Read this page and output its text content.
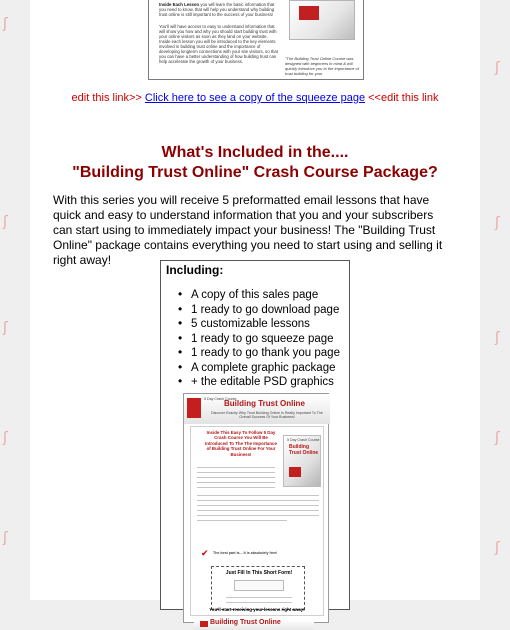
ʃ
ʃ
ʃ
ʃ
ʃ
ʃ
ʃ
ʃ
ʃ
ʃ
Inside Each Lesson you will learn the basic information that you need to know, that will help you understand why building trust online is still important to the success of your business!
You'll will have access to easy to understand information that will show you how and why you should start building trust with your online visitors as soon as they land on your website. Inside each lesson you will be introduced to the key elements involved in building trust online and the importance of developing longterm connections with your site visitors, so that you can have a better understanding of how building trust can help accelerate the growth of your business.
"The Building Trust Online Course was designed with beginners in mind & will quickly introduce you to the importance of trust building for your
edit this link>> Click here to see a copy of the squeeze page <<edit this link
What's Included in the....
"Building Trust Online" Crash Course Package?
With this series you will receive 5 preformatted email lessons that have quick and easy to understand information that you and your subscribers can start using to immediately impact your business! The "Building Trust Online" package contains everything you need to start using and selling it right away!
Including:
• A copy of this sales page
• 1 ready to go download page
• 5 customizable lessons
• 1 ready to go squeeze page
• 1 ready to go thank you page
• A complete graphic package
• + the editable PSD graphics
5 Day Crash Course
Building Trust Online
Discover Exactly Why Trust Building Online Is Really Important To The Overall Success Of Your Business!
Inside This Easy To Follow 5 Day Crash Course You Will Be Introduced To The The Importance of Building Trust Online For Your Business!
5 Day Crash Course
Building Trust Online
✔	The best part is... It is absolutely free!
Just Fill In This Short Form!
You'll start receiving your lessons right away!
Building Trust Online
